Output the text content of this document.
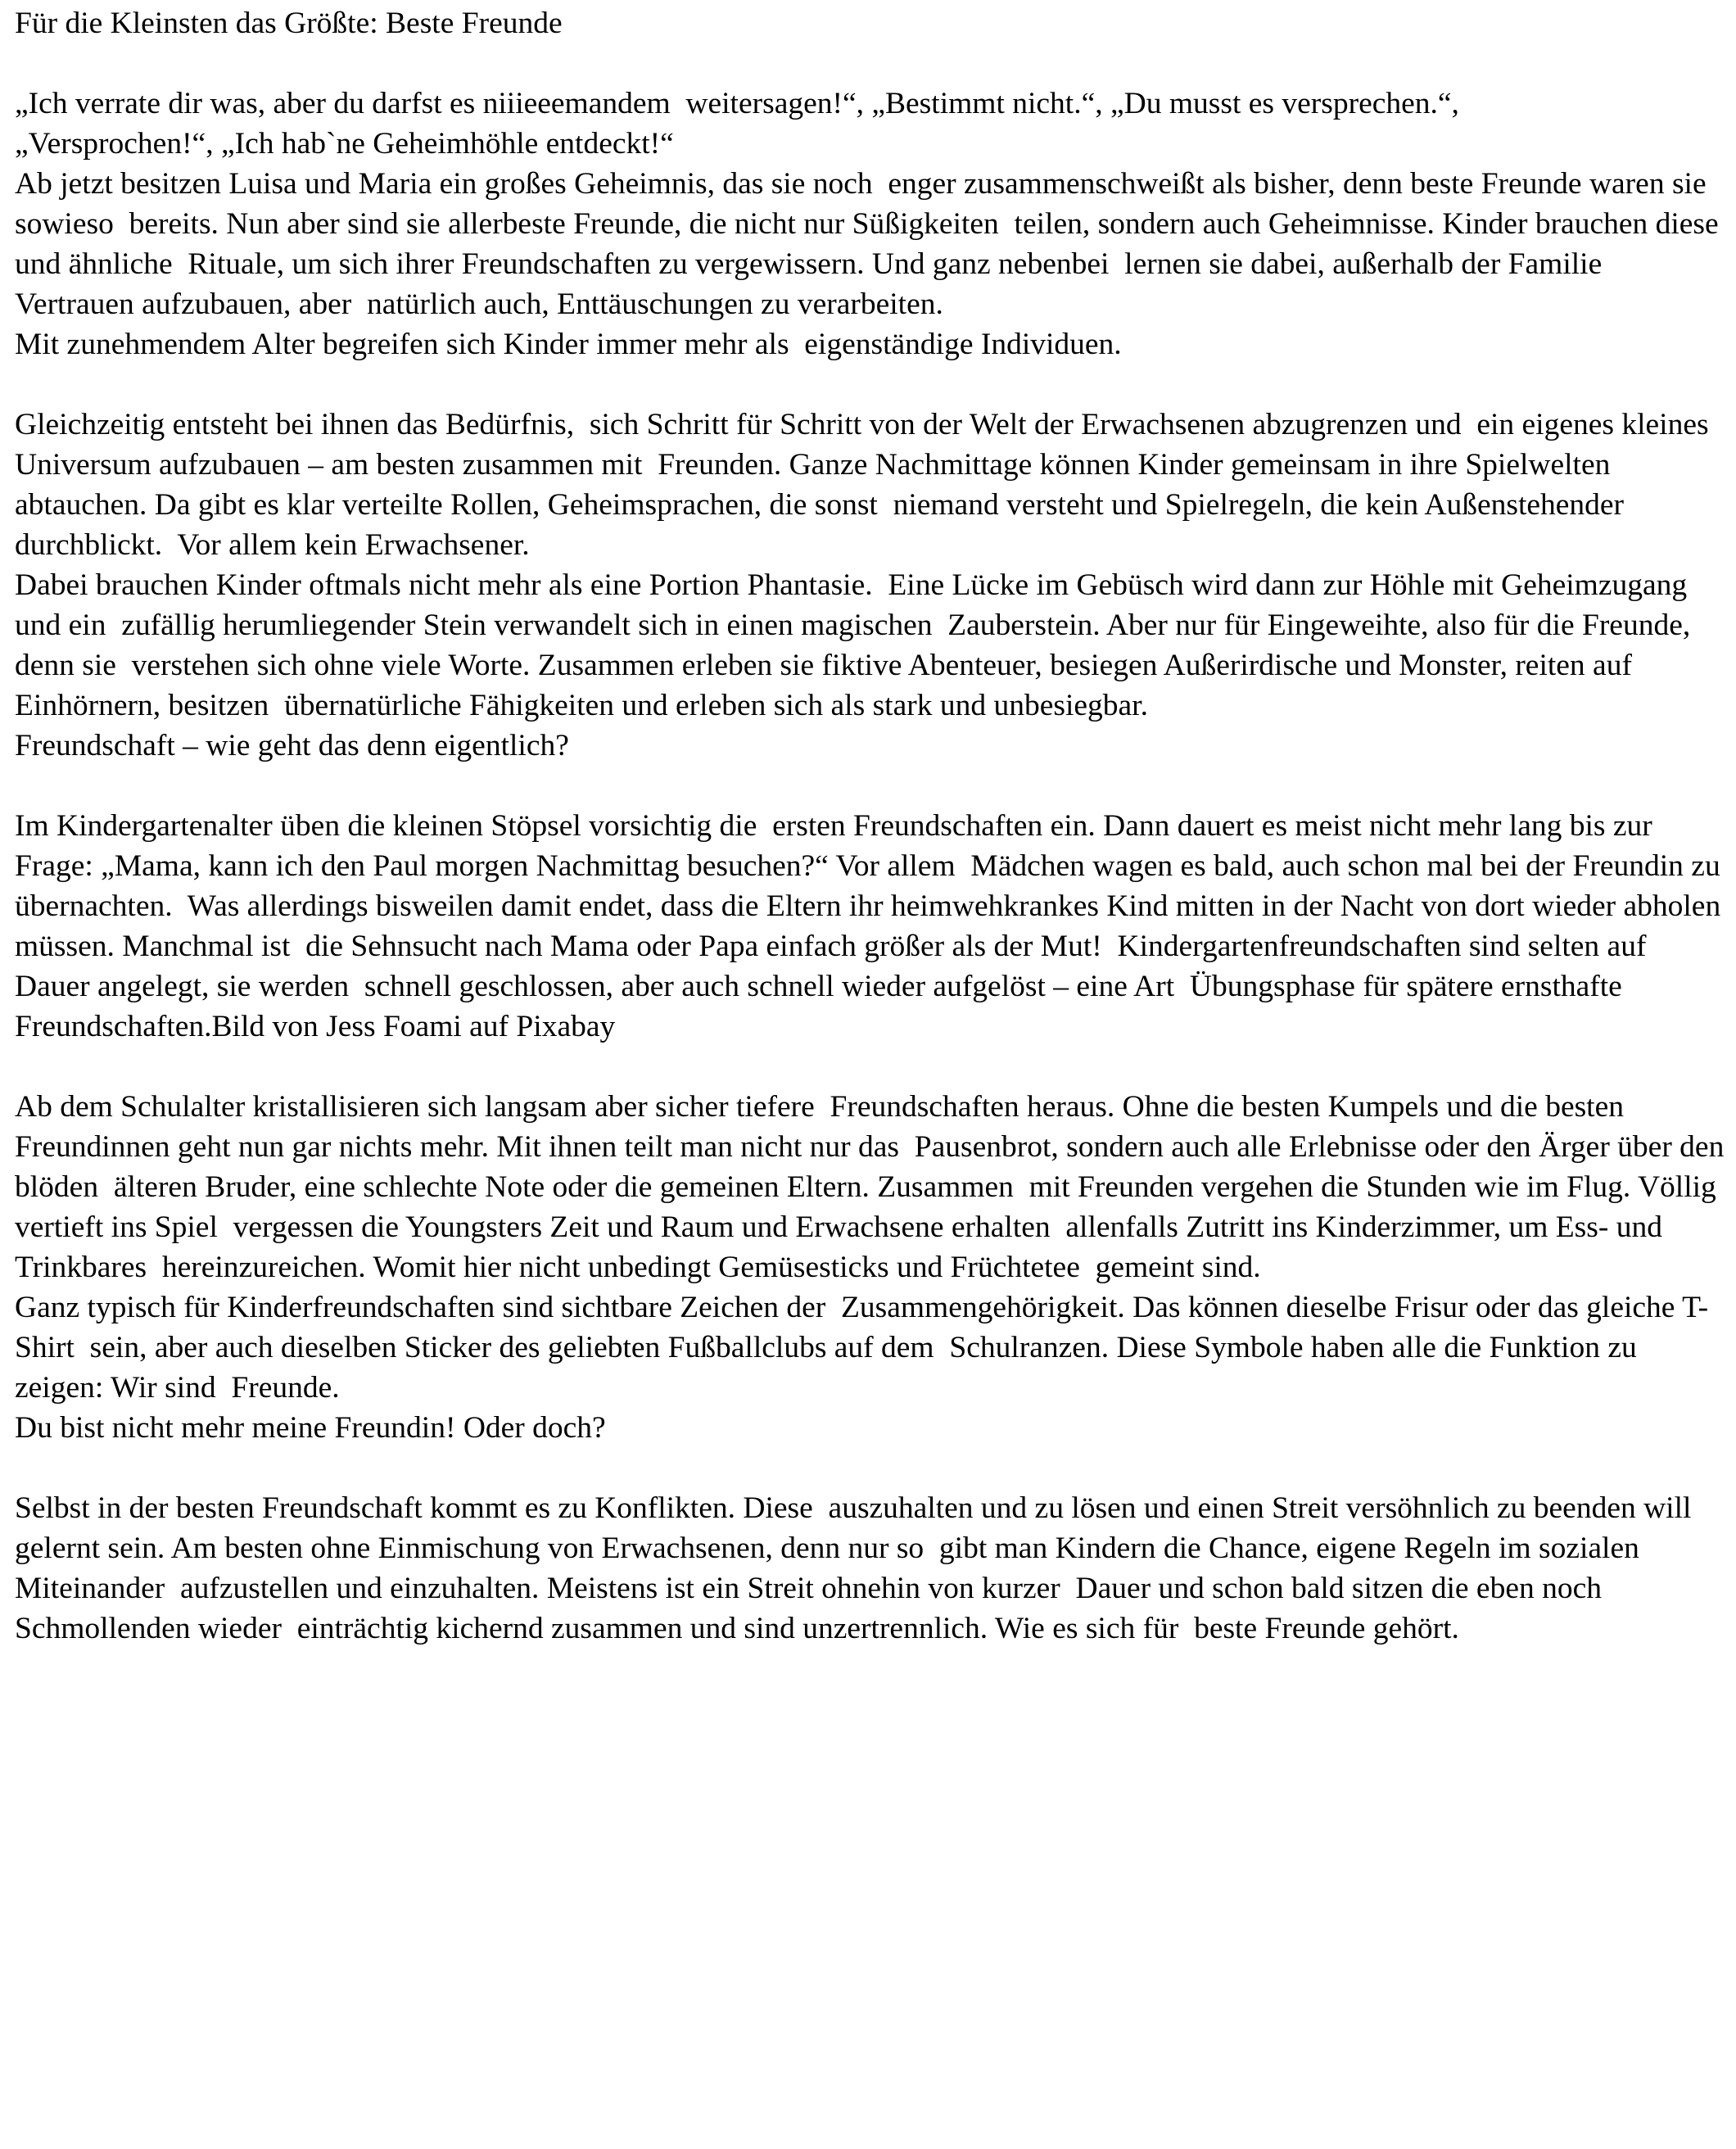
Für die Kleinsten das Größte: Beste Freunde

„Ich verrate dir was, aber du darfst es niiieeemandem  weitersagen!“, „Bestimmt nicht.“, „Du musst es versprechen.“,

„Versprochen!“, „Ich hab`ne Geheimhöhle entdeckt!“

Ab jetzt besitzen Luisa und Maria ein großes Geheimnis, das sie noch  enger zusammenschweißt als bisher, denn beste Freunde waren sie sowieso  bereits. Nun aber sind sie allerbeste Freunde, die nicht nur Süßigkeiten  teilen, sondern auch Geheimnisse. Kinder brauchen diese und ähnliche  Rituale, um sich ihrer Freundschaften zu vergewissern. Und ganz nebenbei  lernen sie dabei, außerhalb der Familie Vertrauen aufzubauen, aber  natürlich auch, Enttäuschungen zu verarbeiten.

Mit zunehmendem Alter begreifen sich Kinder immer mehr als  eigenständige Individuen.

Gleichzeitig entsteht bei ihnen das Bedürfnis,  sich Schritt für Schritt von der Welt der Erwachsenen abzugrenzen und  ein eigenes kleines Universum aufzubauen – am besten zusammen mit  Freunden. Ganze Nachmittage können Kinder gemeinsam in ihre Spielwelten  abtauchen. Da gibt es klar verteilte Rollen, Geheimsprachen, die sonst  niemand versteht und Spielregeln, die kein Außenstehender durchblickt.  Vor allem kein Erwachsener.

Dabei brauchen Kinder oftmals nicht mehr als eine Portion Phantasie.  Eine Lücke im Gebüsch wird dann zur Höhle mit Geheimzugang und ein  zufällig herumliegender Stein verwandelt sich in einen magischen  Zauberstein. Aber nur für Eingeweihte, also für die Freunde, denn sie  verstehen sich ohne viele Worte. Zusammen erleben sie fiktive Abenteuer, besiegen Außerirdische und Monster, reiten auf Einhörnern, besitzen  übernatürliche Fähigkeiten und erleben sich als stark und unbesiegbar.

Freundschaft – wie geht das denn eigentlich?

Im Kindergartenalter üben die kleinen Stöpsel vorsichtig die  ersten Freundschaften ein. Dann dauert es meist nicht mehr lang bis zur  Frage: „Mama, kann ich den Paul morgen Nachmittag besuchen?“ Vor allem  Mädchen wagen es bald, auch schon mal bei der Freundin zu übernachten.  Was allerdings bisweilen damit endet, dass die Eltern ihr heimwehkrankes Kind mitten in der Nacht von dort wieder abholen müssen. Manchmal ist  die Sehnsucht nach Mama oder Papa einfach größer als der Mut!  Kindergartenfreundschaften sind selten auf Dauer angelegt, sie werden  schnell geschlossen, aber auch schnell wieder aufgelöst – eine Art  Übungsphase für spätere ernsthafte Freundschaften.Bild von Jess Foami auf Pixabay

Ab dem Schulalter kristallisieren sich langsam aber sicher tiefere  Freundschaften heraus. Ohne die besten Kumpels und die besten  Freundinnen geht nun gar nichts mehr. Mit ihnen teilt man nicht nur das  Pausenbrot, sondern auch alle Erlebnisse oder den Ärger über den blöden  älteren Bruder, eine schlechte Note oder die gemeinen Eltern. Zusammen  mit Freunden vergehen die Stunden wie im Flug. Völlig vertieft ins Spiel  vergessen die Youngsters Zeit und Raum und Erwachsene erhalten  allenfalls Zutritt ins Kinderzimmer, um Ess- und Trinkbares  hereinzureichen. Womit hier nicht unbedingt Gemüsesticks und Früchtetee  gemeint sind.

Ganz typisch für Kinderfreundschaften sind sichtbare Zeichen der  Zusammengehörigkeit. Das können dieselbe Frisur oder das gleiche T-Shirt  sein, aber auch dieselben Sticker des geliebten Fußballclubs auf dem  Schulranzen. Diese Symbole haben alle die Funktion zu zeigen: Wir sind  Freunde.

Du bist nicht mehr meine Freundin! Oder doch?

Selbst in der besten Freundschaft kommt es zu Konflikten. Diese  auszuhalten und zu lösen und einen Streit versöhnlich zu beenden will  gelernt sein. Am besten ohne Einmischung von Erwachsenen, denn nur so  gibt man Kindern die Chance, eigene Regeln im sozialen Miteinander  aufzustellen und einzuhalten. Meistens ist ein Streit ohnehin von kurzer  Dauer und schon bald sitzen die eben noch Schmollenden wieder  einträchtig kichernd zusammen und sind unzertrennlich. Wie es sich für  beste Freunde gehört.
